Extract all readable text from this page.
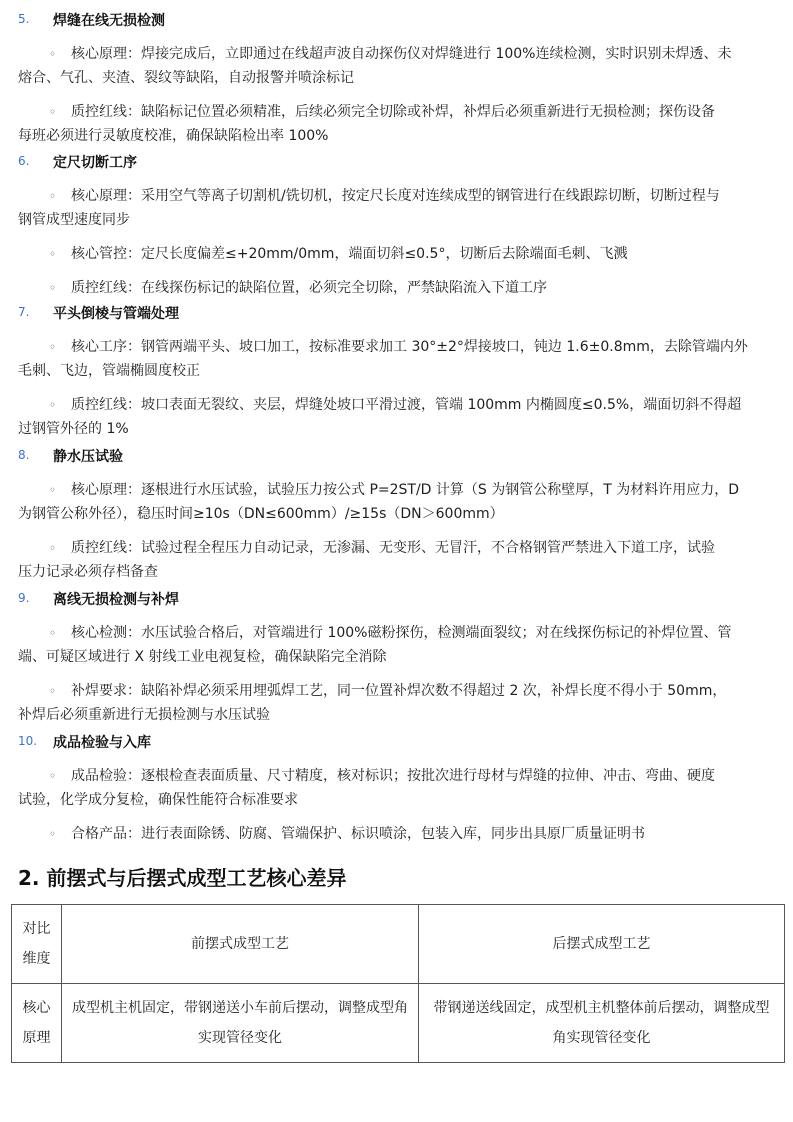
5. 焊缝在线无损检测
◦ 核心原理：焊接完成后，立即通过在线超声波自动探伤仪对焊缝进行 100%连续检测，实时识别未焊透、未
熔合、气孔、夹渣、裂纹等缺陷，自动报警并喷涂标记
◦ 质控红线：缺陷标记位置必须精准，后续必须完全切除或补焊，补焊后必须重新进行无损检测；探伤设备
每班必须进行灵敏度校准，确保缺陷检出率 100%
6. 定尺切断工序
◦ 核心原理：采用空气等离子切割机/铣切机，按定尺长度对连续成型的钢管进行在线跟踪切断，切断过程与
钢管成型速度同步
◦ 核心管控：定尺长度偏差≤+20mm/0mm，端面切斜≤0.5°，切断后去除端面毛刺、飞溅
◦ 质控红线：在线探伤标记的缺陷位置，必须完全切除，严禁缺陷流入下道工序
7. 平头倒棱与管端处理
◦ 核心工序：钢管两端平头、坡口加工，按标准要求加工 30°±2°焊接坡口，钝边 1.6±0.8mm，去除管端内外
毛刺、飞边，管端椭圆度校正
◦ 质控红线：坡口表面无裂纹、夹层，焊缝处坡口平滑过渡，管端 100mm 内椭圆度≤0.5%，端面切斜不得超
过钢管外径的 1%
8. 静水压试验
◦ 核心原理：逐根进行水压试验，试验压力按公式 P=2ST/D 计算（S 为钢管公称壁厚，T 为材料许用应力，D
为钢管公称外径），稳压时间≥10s（DN≤600mm）/≥15s（DN＞600mm）
◦ 质控红线：试验过程全程压力自动记录，无渗漏、无变形、无冒汗，不合格钢管严禁进入下道工序，试验
压力记录必须存档备查
9. 离线无损检测与补焊
◦ 核心检测：水压试验合格后，对管端进行 100%磁粉探伤，检测端面裂纹；对在线探伤标记的补焊位置、管
端、可疑区域进行 X 射线工业电视复检，确保缺陷完全消除
◦ 补焊要求：缺陷补焊必须采用埋弧焊工艺，同一位置补焊次数不得超过 2 次，补焊长度不得小于 50mm，
补焊后必须重新进行无损检测与水压试验
10. 成品检验与入库
◦ 成品检验：逐根检查表面质量、尺寸精度，核对标识；按批次进行母材与焊缝的拉伸、冲击、弯曲、硬度
试验，化学成分复检，确保性能符合标准要求
◦ 合格产品：进行表面除锈、防腐、管端保护、标识喷涂，包装入库，同步出具原厂质量证明书
2. 前摆式与后摆式成型工艺核心差异
对比维度	前摆式成型工艺	后摆式成型工艺
核心原理	成型机主机固定，带钢递送小车前后摆动，调整成型角实现管径变化	带钢递送线固定，成型机主机整体前后摆动，调整成型角实现管径变化
